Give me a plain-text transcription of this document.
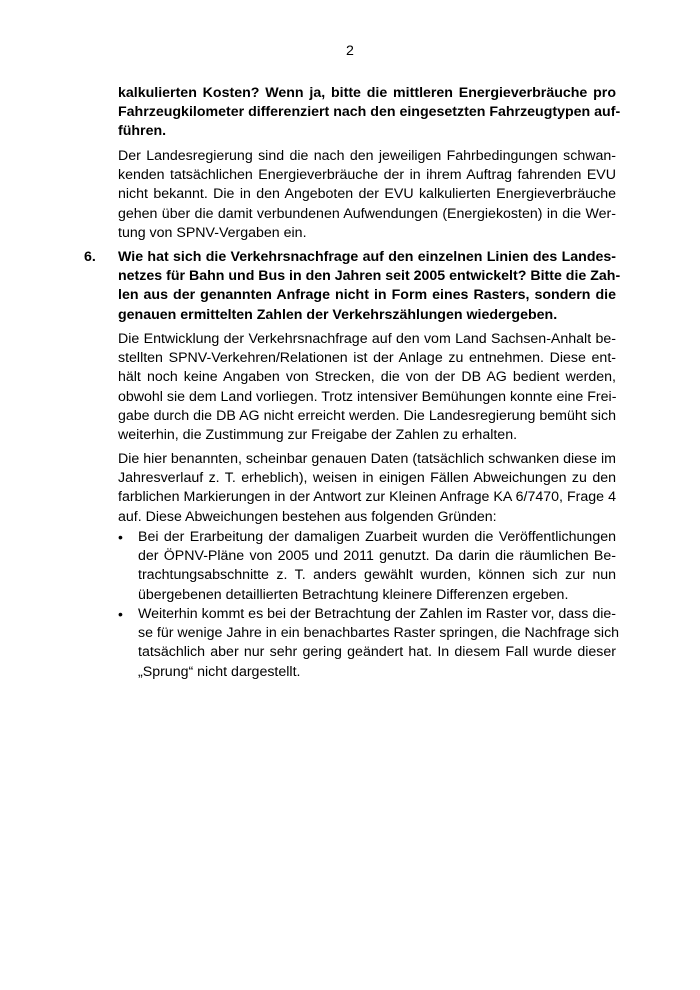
2
kalkulierten Kosten? Wenn ja, bitte die mittleren Energieverbräuche pro
Fahrzeugkilometer differenziert nach den eingesetzten Fahrzeugtypen auf-
führen.
Der Landesregierung sind die nach den jeweiligen Fahrbedingungen schwan-
kenden tatsächlichen Energieverbräuche der in ihrem Auftrag fahrenden EVU
nicht bekannt. Die in den Angeboten der EVU kalkulierten Energieverbräuche
gehen über die damit verbundenen Aufwendungen (Energiekosten) in die Wer-
tung von SPNV-Vergaben ein.
6. Wie hat sich die Verkehrsnachfrage auf den einzelnen Linien des Landes-
netzes für Bahn und Bus in den Jahren seit 2005 entwickelt? Bitte die Zah-
len aus der genannten Anfrage nicht in Form eines Rasters, sondern die
genauen ermittelten Zahlen der Verkehrszählungen wiedergeben.
Die Entwicklung der Verkehrsnachfrage auf den vom Land Sachsen-Anhalt be-
stellten SPNV-Verkehren/Relationen ist der Anlage zu entnehmen. Diese ent-
hält noch keine Angaben von Strecken, die von der DB AG bedient werden,
obwohl sie dem Land vorliegen. Trotz intensiver Bemühungen konnte eine Frei-
gabe durch die DB AG nicht erreicht werden. Die Landesregierung bemüht sich
weiterhin, die Zustimmung zur Freigabe der Zahlen zu erhalten.
Die hier benannten, scheinbar genauen Daten (tatsächlich schwanken diese im
Jahresverlauf z. T. erheblich), weisen in einigen Fällen Abweichungen zu den
farblichen Markierungen in der Antwort zur Kleinen Anfrage KA 6/7470, Frage 4
auf. Diese Abweichungen bestehen aus folgenden Gründen:
•	Bei der Erarbeitung der damaligen Zuarbeit wurden die Veröffentlichungen
der ÖPNV-Pläne von 2005 und 2011 genutzt. Da darin die räumlichen Be-
trachtungsabschnitte z. T. anders gewählt wurden, können sich zur nun
übergebenen detaillierten Betrachtung kleinere Differenzen ergeben.
•	Weiterhin kommt es bei der Betrachtung der Zahlen im Raster vor, dass die-
se für wenige Jahre in ein benachbartes Raster springen, die Nachfrage sich
tatsächlich aber nur sehr gering geändert hat. In diesem Fall wurde dieser
„Sprung“ nicht dargestellt.
